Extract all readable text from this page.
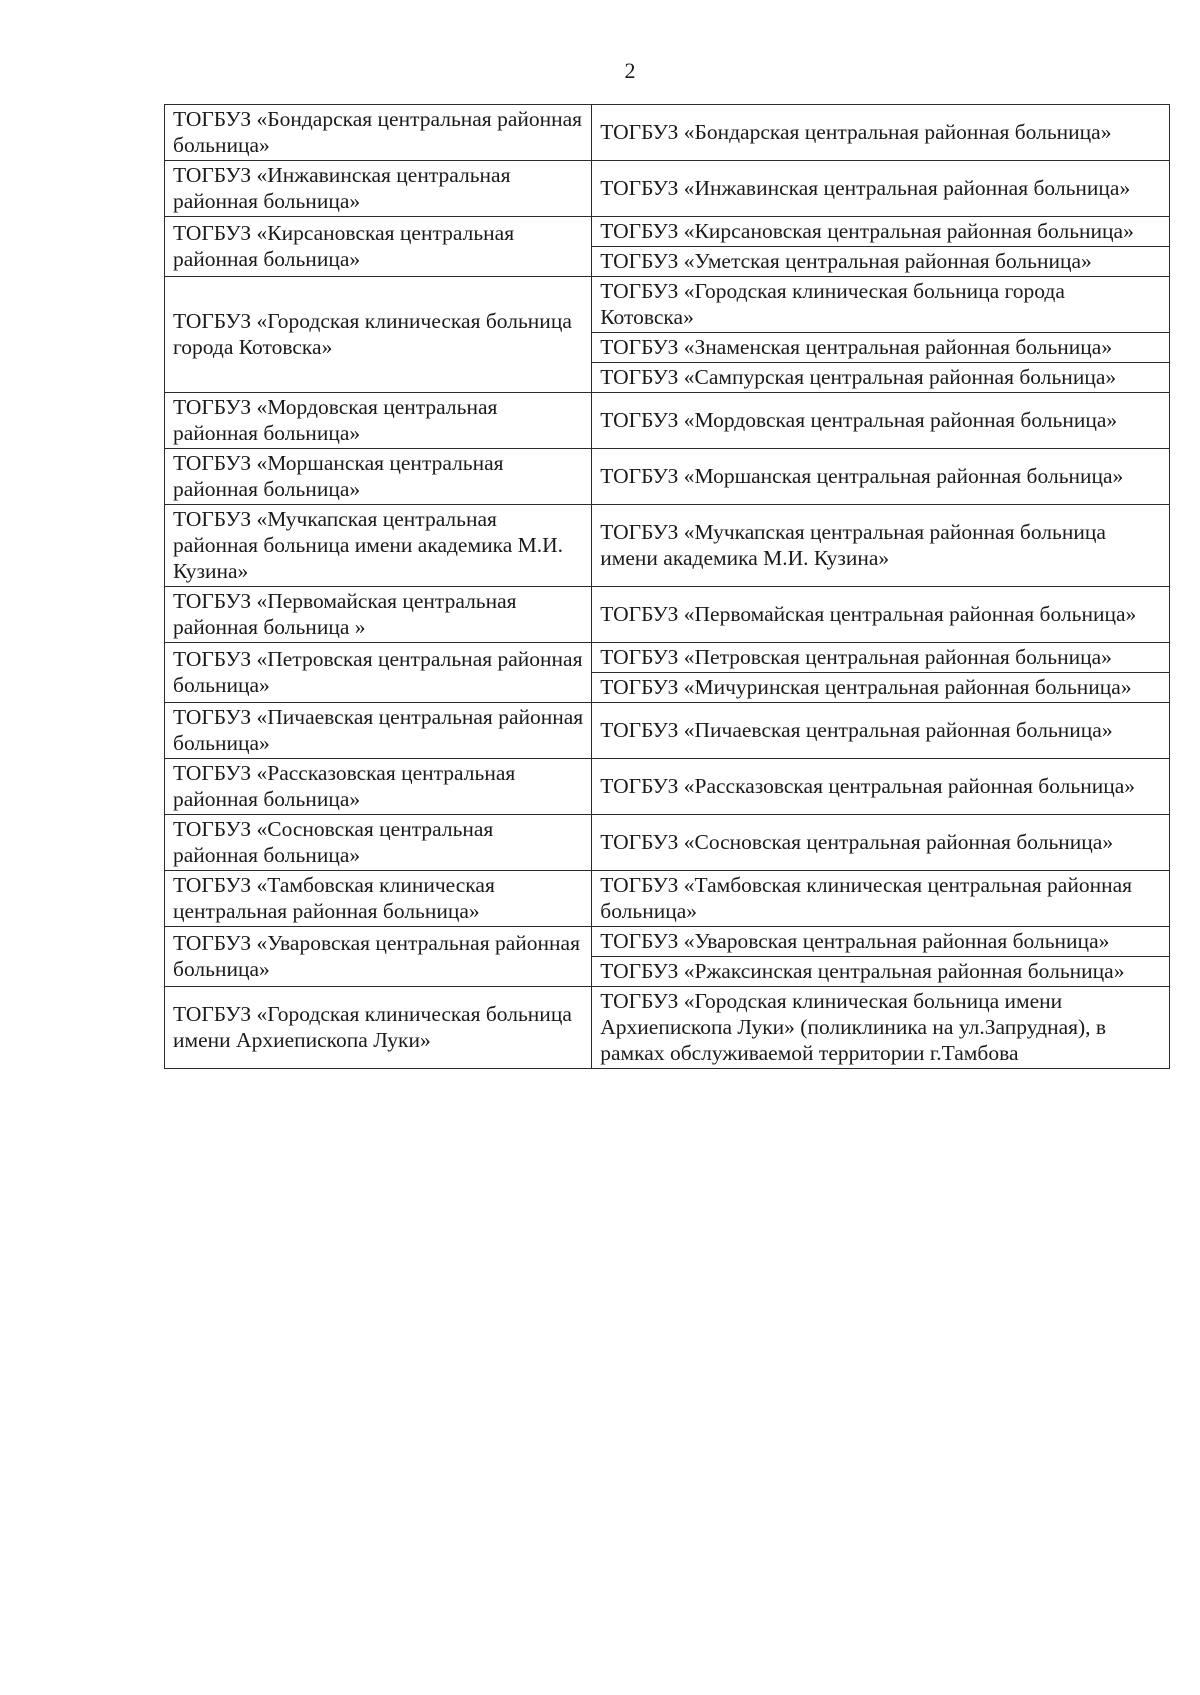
2
ТОГБУЗ «Бондарская центральная районная больница»	ТОГБУЗ «Бондарская центральная районная больница»
ТОГБУЗ «Инжавинская центральная районная больница»	ТОГБУЗ «Инжавинская центральная районная больница»
ТОГБУЗ «Кирсановская центральная районная больница»	ТОГБУЗ «Кирсановская центральная районная больница»
	ТОГБУЗ «Уметская центральная районная больница»
ТОГБУЗ «Городская клиническая больница города Котовска»	ТОГБУЗ «Городская клиническая больница города Котовска»
	ТОГБУЗ «Знаменская центральная районная больница»
	ТОГБУЗ «Сампурская центральная районная больница»
ТОГБУЗ «Мордовская центральная районная больница»	ТОГБУЗ «Мордовская центральная районная больница»
ТОГБУЗ «Моршанская центральная районная больница»	ТОГБУЗ «Моршанская центральная районная больница»
ТОГБУЗ «Мучкапская центральная районная больница имени академика М.И. Кузина»	ТОГБУЗ «Мучкапская центральная районная больница имени академика М.И. Кузина»
ТОГБУЗ «Первомайская центральная районная больница »	ТОГБУЗ «Первомайская центральная районная больница»
ТОГБУЗ «Петровская центральная районная больница»	ТОГБУЗ «Петровская центральная районная больница»
	ТОГБУЗ «Мичуринская центральная районная больница»
ТОГБУЗ «Пичаевская центральная районная больница»	ТОГБУЗ «Пичаевская центральная районная больница»
ТОГБУЗ «Рассказовская центральная районная больница»	ТОГБУЗ «Рассказовская центральная районная больница»
ТОГБУЗ «Сосновская центральная районная больница»	ТОГБУЗ «Сосновская центральная районная больница»
ТОГБУЗ «Тамбовская клиническая центральная районная больница»	ТОГБУЗ «Тамбовская клиническая центральная районная больница»
ТОГБУЗ «Уваровская центральная районная больница»	ТОГБУЗ «Уваровская центральная районная больница»
	ТОГБУЗ «Ржаксинская центральная районная больница»
ТОГБУЗ «Городская клиническая больница имени Архиепископа Луки»	ТОГБУЗ «Городская клиническая больница имени Архиепископа Луки» (поликлиника на ул.Запрудная), в рамках обслуживаемой территории г.Тамбова
